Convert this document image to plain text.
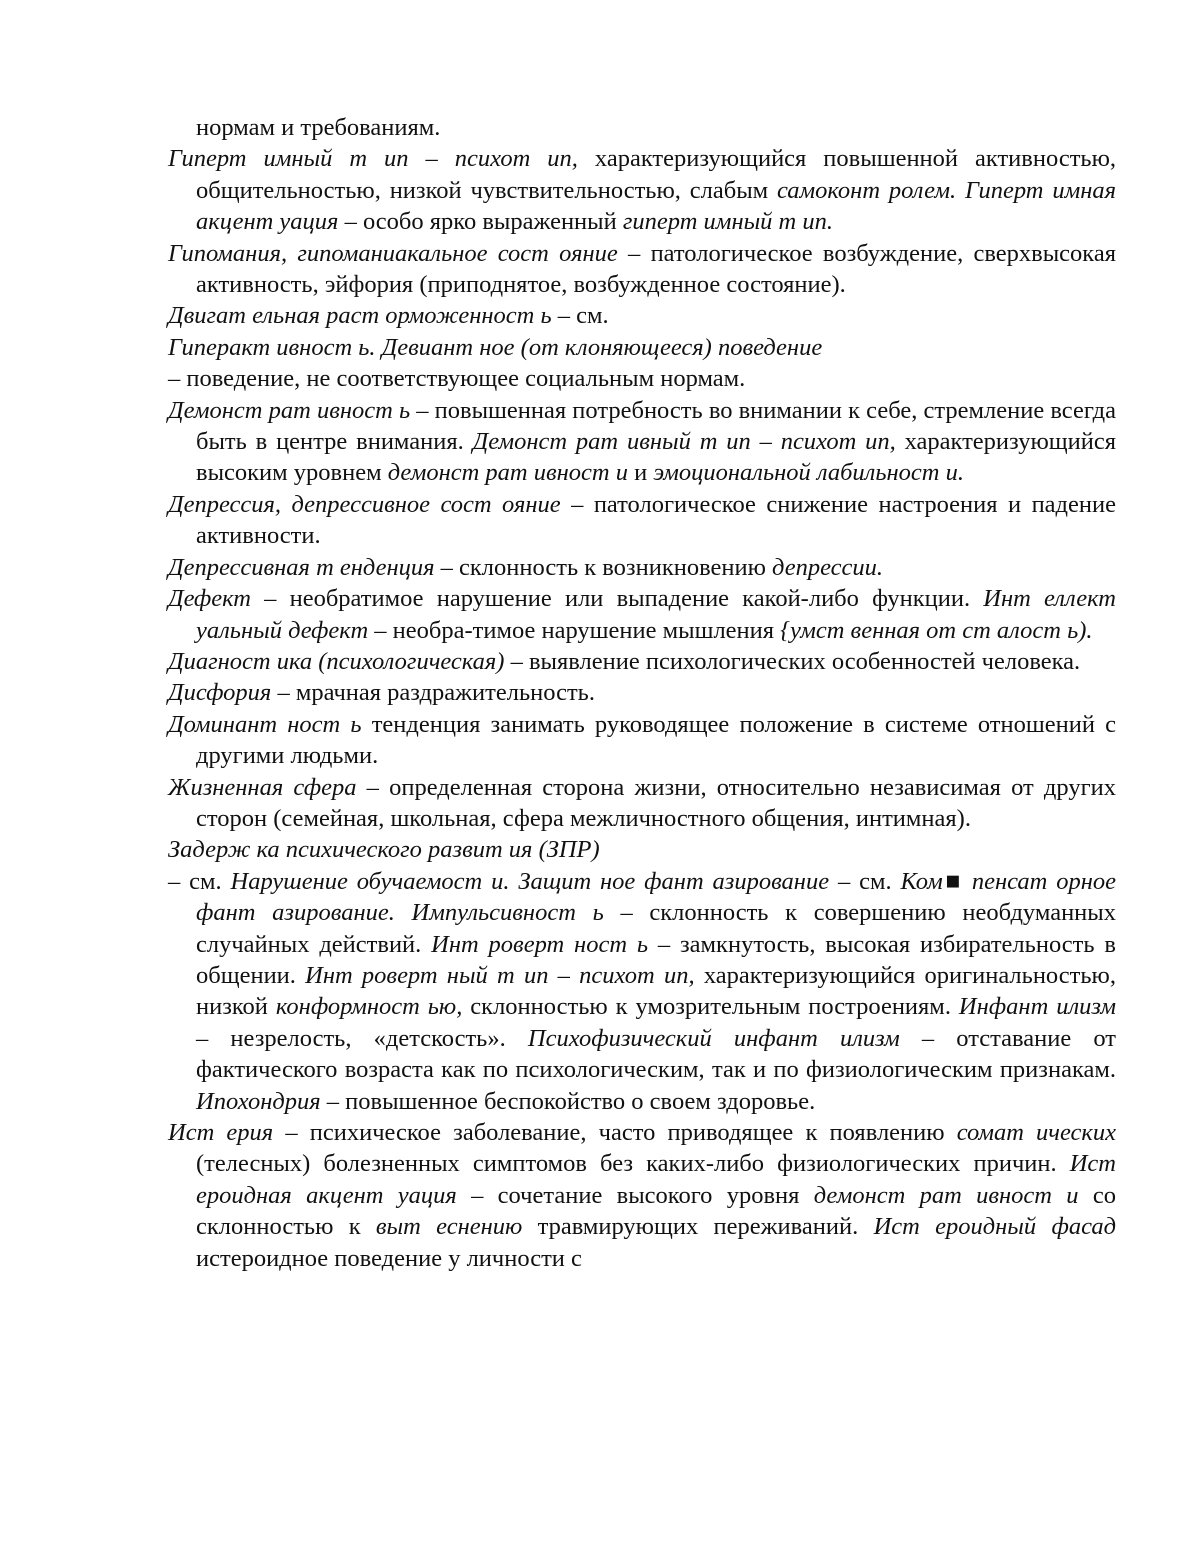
нормам и требованиям.

Гиперт имный т ип – психот ип, характеризующийся повышенной активностью, общительностью, низкой чувствительностью, слабым самоконт ролем. Гиперт имная акцент уация – особо ярко выраженный гиперт имный т ип.

Гипомания, гипоманиакальное сост ояние – патологическое возбуждение, сверхвысокая активность, эйфория (приподнятое, возбужденное состояние).

Двигат ельная раст орможенност ь – см.

Гиперакт ивност ь. Девиант ное (от клоняющееся) поведение

– поведение, не соответствующее социальным нормам.

Демонст рат ивност ь – повышенная потребность во внимании к себе, стремление всегда быть в центре внимания. Демонст рат ивный т ип – психот ип, характеризующийся высоким уровнем демонст рат ивност и и эмоциональной лабильност и.

Депрессия, депрессивное сост ояние – патологическое снижение настроения и падение активности.

Депрессивная т енденция – склонность к возникновению депрессии.

Дефект – необратимое нарушение или выпадение какой-либо функции. Инт еллект уальный дефект – необра-тимое нарушение мышления {умст венная от ст алост ь).

Диагност ика (психологическая) – выявление психологических особенностей человека.

Дисфория – мрачная раздражительность.

Доминант ност ь тенденция занимать руководящее положение в системе отношений с другими людьми.

Жизненная сфера – определенная сторона жизни, относительно независимая от других сторон (семейная, школьная, сфера межличностного общения, интимная).

Задерж ка психического развит ия (ЗПР)

– см. Нарушение обучаемост и. Защит ное фант азирование – см. Ком■ пенсат орное фант азирование. Импульсивност ь – склонность к совершению необдуманных случайных действий. Инт роверт ност ь – замкнутость, высокая избирательность в общении. Инт роверт ный т ип – психот ип, характеризующийся оригинальностью, низкой конформност ью, склонностью к умозрительным построениям. Инфант илизм – незрелость, «детскость». Психофизический инфант илизм – отставание от фактического возраста как по психологическим, так и по физиологическим признакам. Ипохондрия – повышенное беспокойство о своем здоровье.

Ист ерия – психическое заболевание, часто приводящее к появлению сомат ических (телесных) болезненных симптомов без каких-либо физиологических причин. Ист ероидная акцент уация – сочетание высокого уровня демонст рат ивност и со склонностью к выт еснению травмирующих переживаний. Ист ероидный фасад истероидное поведение у личности с
